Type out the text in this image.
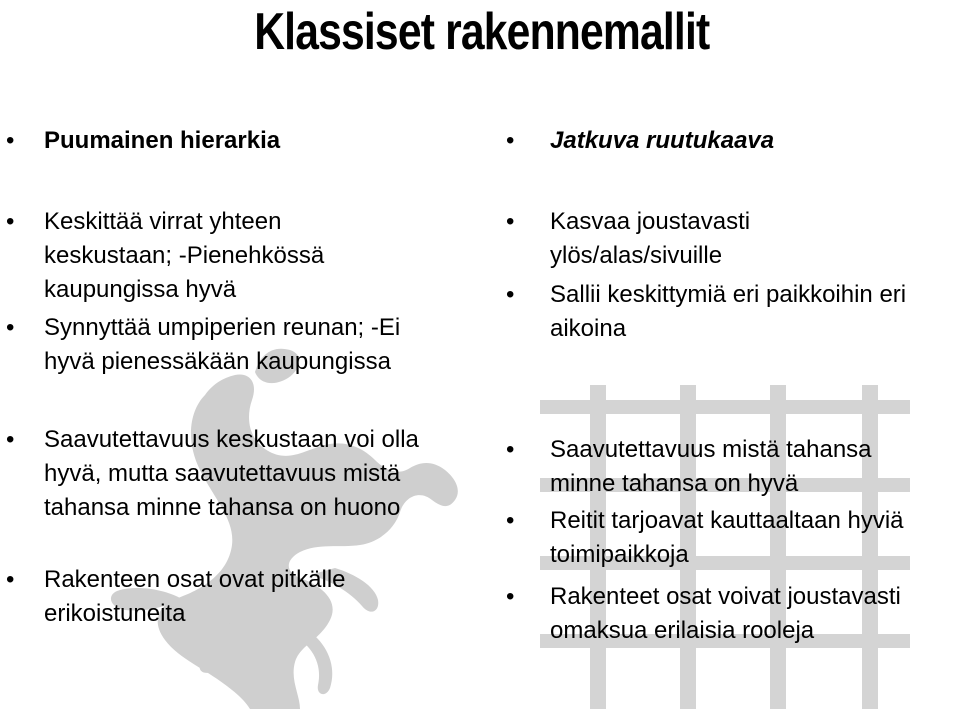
Klassiset rakennemallit
• Puumainen hierarkia

• Keskittää virrat yhteen keskustaan; -Pienehkössä kaupungissa hyvä

• Synnyttää umpiperien reunan; -Ei hyvä pienessäkään kaupungissa

• Saavutettavuus keskustaan voi olla hyvä, mutta saavutettavuus mistä tahansa minne tahansa on huono

• Rakenteen osat ovat pitkälle erikoistuneita

• Jatkuva ruutukaava

• Kasvaa joustavasti ylös/alas/sivuille

• Sallii keskittymiä eri paikkoihin eri aikoina

• Saavutettavuus mistä tahansa minne tahansa on hyvä

• Reitit tarjoavat kauttaaltaan hyviä toimipaikkoja

• Rakenteet osat voivat joustavasti omaksua erilaisia rooleja
